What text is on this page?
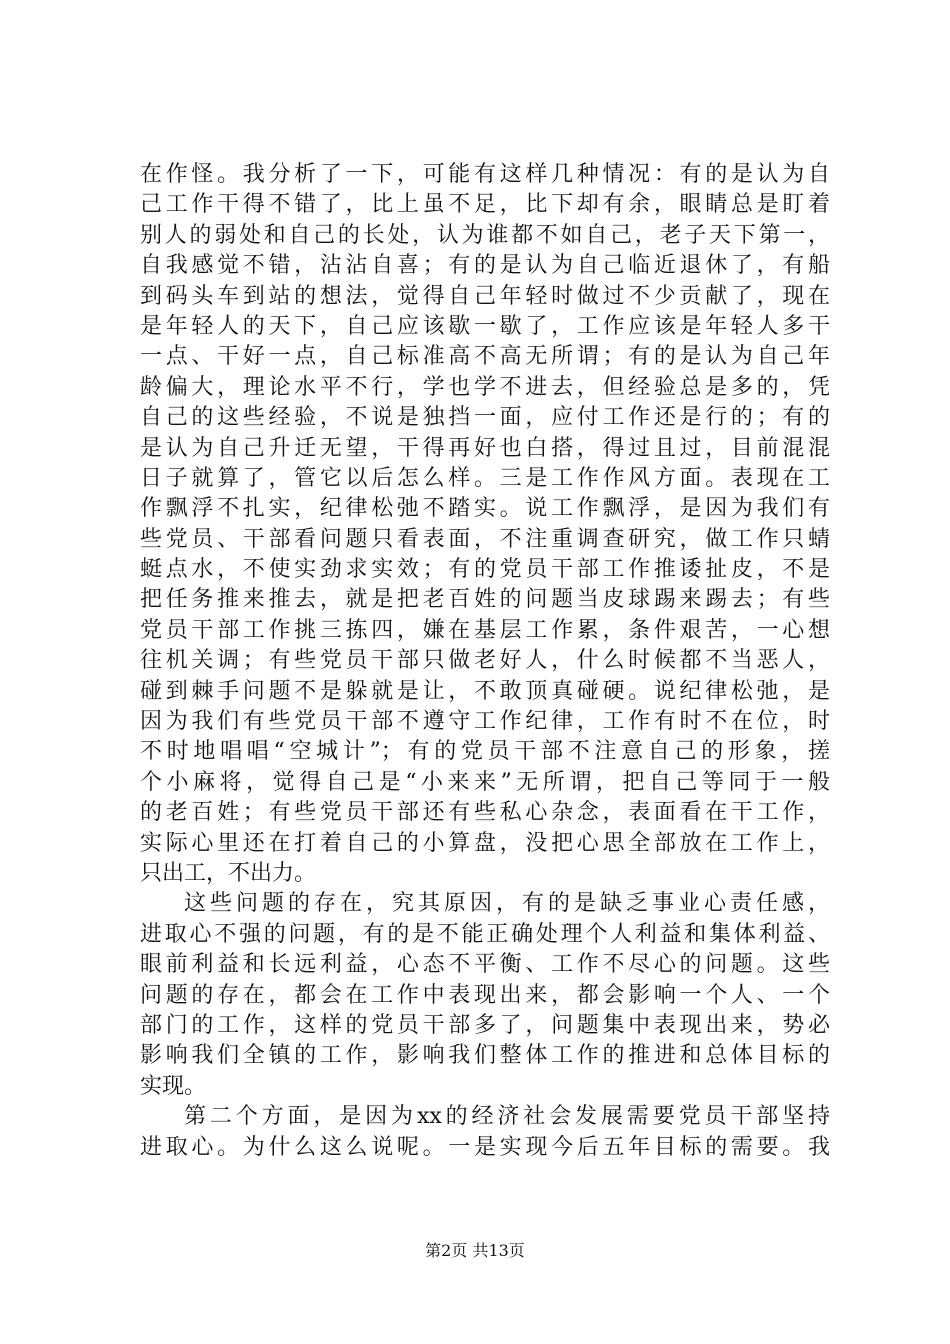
在作怪。我分析了一下，可能有这样几种情况：有的是认为自
己工作干得不错了，比上虽不足，比下却有余，眼睛总是盯着
别人的弱处和自己的长处，认为谁都不如自己，老子天下第一，
自我感觉不错，沾沾自喜；有的是认为自己临近退休了，有船
到码头车到站的想法，觉得自己年轻时做过不少贡献了，现在
是年轻人的天下，自己应该歇一歇了，工作应该是年轻人多干
一点、干好一点，自己标准高不高无所谓；有的是认为自己年
龄偏大，理论水平不行，学也学不进去，但经验总是多的，凭
自己的这些经验，不说是独挡一面，应付工作还是行的；有的
是认为自己升迁无望，干得再好也白搭，得过且过，目前混混
日子就算了，管它以后怎么样。三是工作作风方面。表现在工
作飘浮不扎实，纪律松弛不踏实。说工作飘浮，是因为我们有
些党员、干部看问题只看表面，不注重调查研究，做工作只蜻
蜓点水，不使实劲求实效；有的党员干部工作推诿扯皮，不是
把任务推来推去，就是把老百姓的问题当皮球踢来踢去；有些
党员干部工作挑三拣四，嫌在基层工作累，条件艰苦，一心想
往机关调；有些党员干部只做老好人，什么时候都不当恶人，
碰到棘手问题不是躲就是让，不敢顶真碰硬。说纪律松弛，是
因为我们有些党员干部不遵守工作纪律，工作有时不在位，时
不时地唱唱“空城计”；有的党员干部不注意自己的形象，搓
个小麻将，觉得自己是“小来来”无所谓，把自己等同于一般
的老百姓；有些党员干部还有些私心杂念，表面看在干工作，
实际心里还在打着自己的小算盘，没把心思全部放在工作上，
只出工，不出力。
这些问题的存在，究其原因，有的是缺乏事业心责任感，
进取心不强的问题，有的是不能正确处理个人利益和集体利益、
眼前利益和长远利益，心态不平衡、工作不尽心的问题。这些
问题的存在，都会在工作中表现出来，都会影响一个人、一个
部门的工作，这样的党员干部多了，问题集中表现出来，势必
影响我们全镇的工作，影响我们整体工作的推进和总体目标的
实现。
第二个方面，是因为xx的经济社会发展需要党员干部坚持
进取心。为什么这么说呢。一是实现今后五年目标的需要。我
第2页 共13页
